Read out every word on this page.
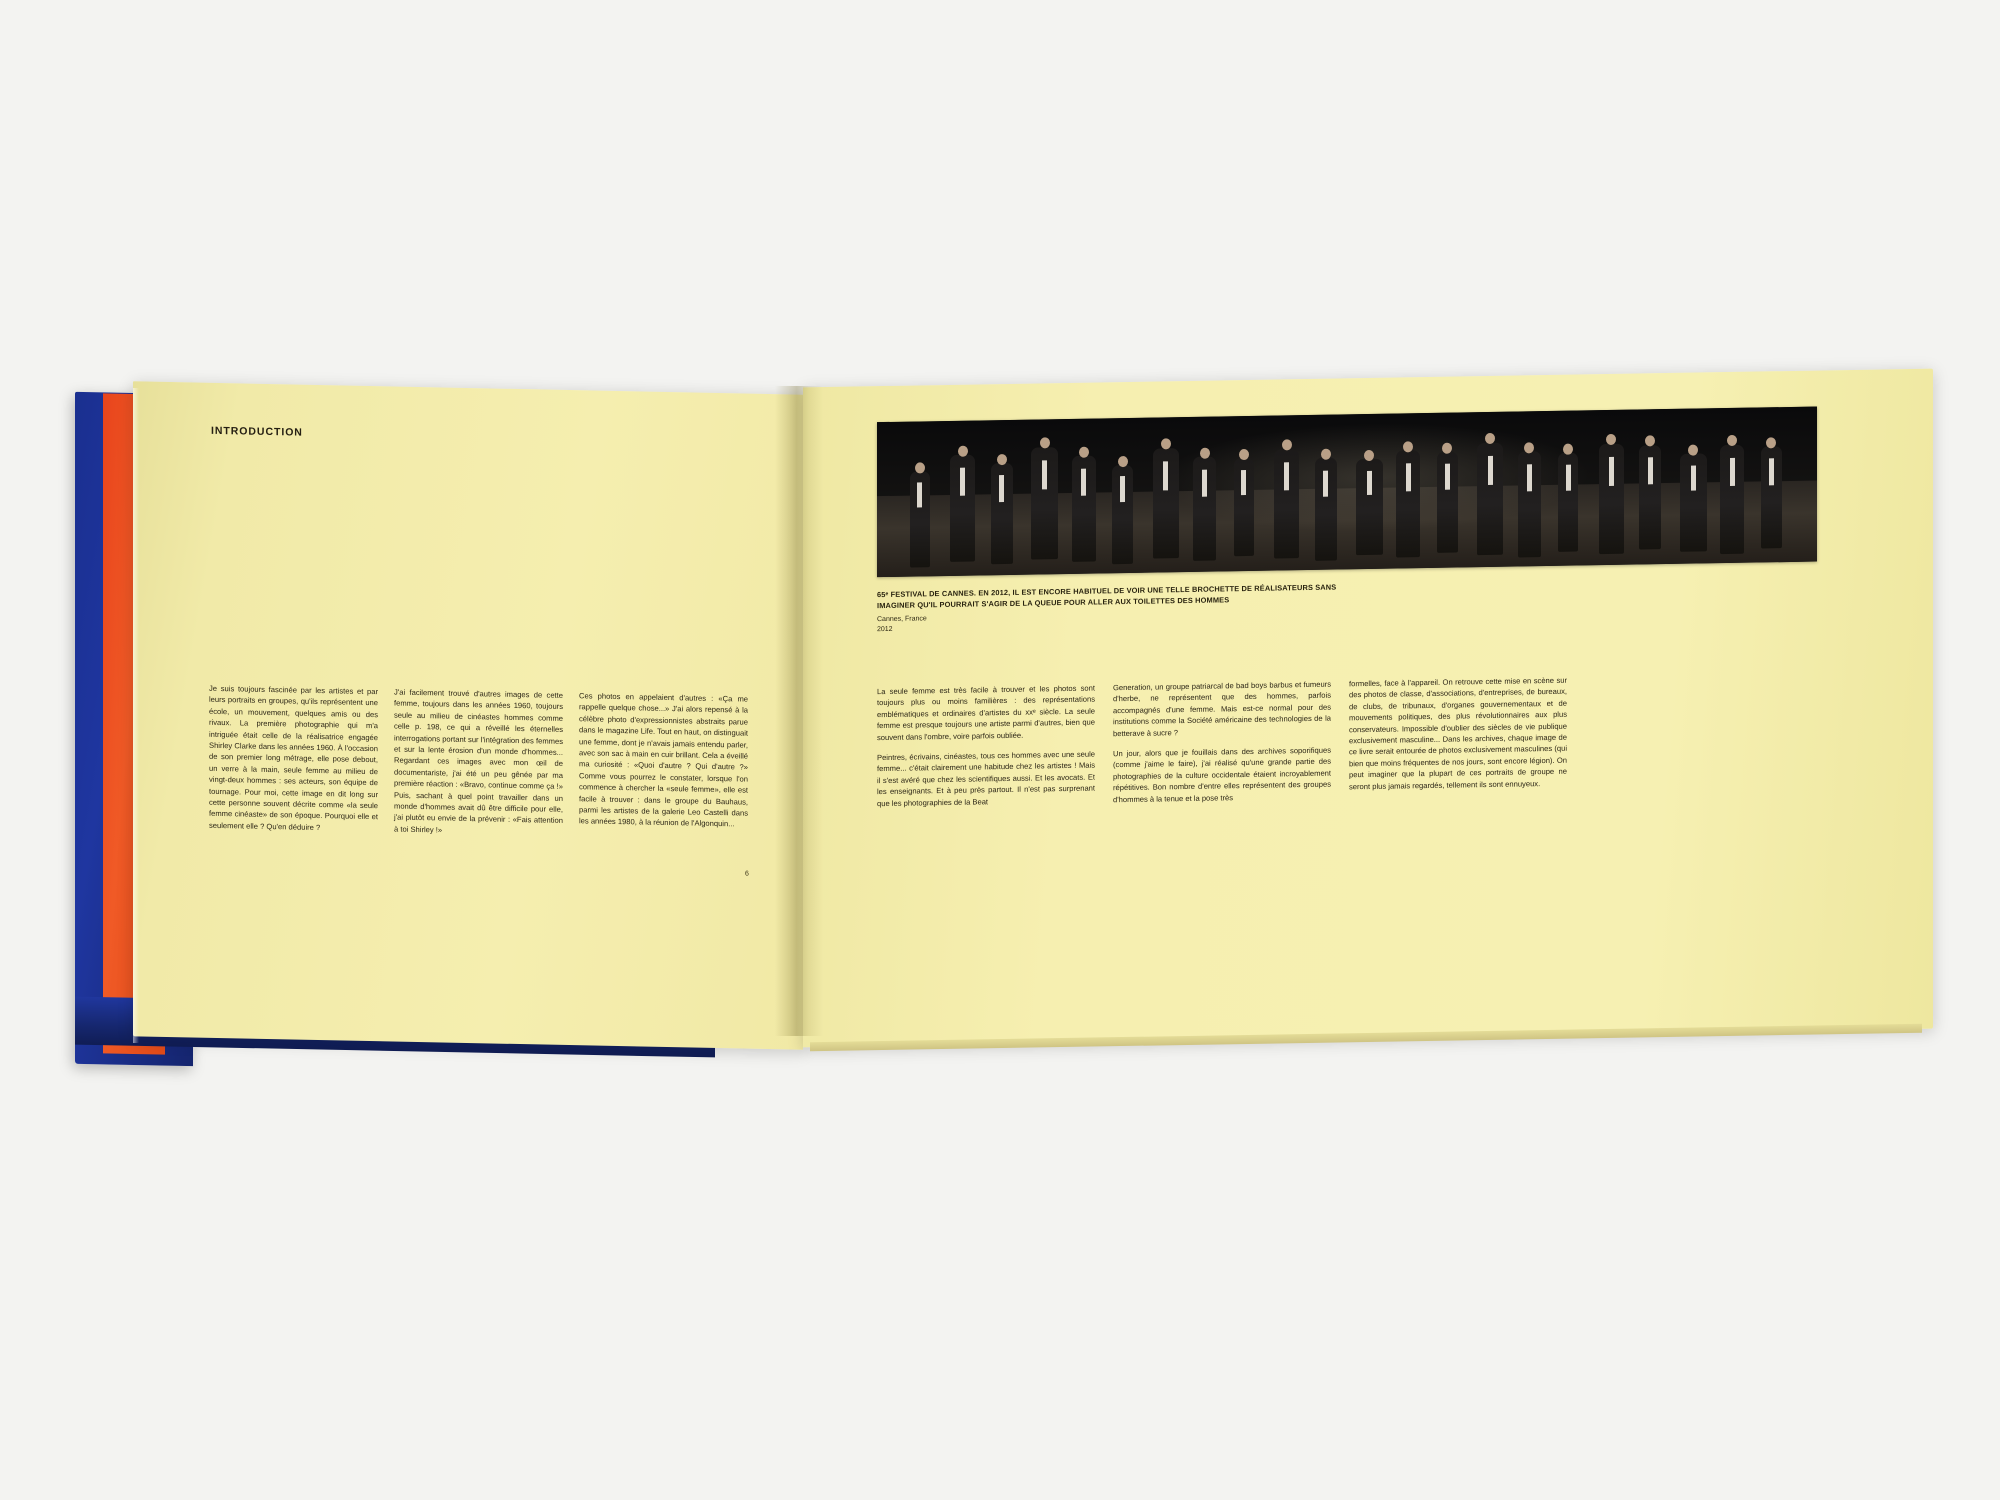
INTRODUCTION

Je suis toujours fascinée par les artistes et par leurs portraits en groupes, qu'ils représentent une école, un mouvement, quelques amis ou des rivaux. La première photographie qui m'a intriguée était celle de la réalisatrice engagée Shirley Clarke dans les années 1960. À l'occasion de son premier long métrage, elle pose debout, un verre à la main, seule femme au milieu de vingt-deux hommes : ses acteurs, son équipe de tournage. Pour moi, cette image en dit long sur cette personne souvent décrite comme «la seule femme cinéaste» de son époque. Pourquoi elle et seulement elle ? Qu'en déduire ?

J'ai facilement trouvé d'autres images de cette femme, toujours dans les années 1960, toujours seule au milieu de cinéastes hommes comme celle p. 198, ce qui a réveillé les éternelles interrogations portant sur l'intégration des femmes et sur la lente érosion d'un monde d'hommes... Regardant ces images avec mon œil de documentariste, j'ai été un peu gênée par ma première réaction : «Bravo, continue comme ça !» Puis, sachant à quel point travailler dans un monde d'hommes avait dû être difficile pour elle, j'ai plutôt eu envie de la prévenir : «Fais attention à toi Shirley !»

Ces photos en appelaient d'autres : «Ça me rappelle quelque chose...» J'ai alors repensé à la célèbre photo d'expressionnistes abstraits parue dans le magazine Life. Tout en haut, on distinguait une femme, dont je n'avais jamais entendu parler, avec son sac à main en cuir brillant. Cela a éveillé ma curiosité : «Quoi d'autre ? Qui d'autre ?» Comme vous pourrez le constater, lorsque l'on commence à chercher la «seule femme», elle est facile à trouver : dans le groupe du Bauhaus, parmi les artistes de la galerie Leo Castelli dans les années 1980, à la réunion de l'Algonquin...

6
65ᵉ FESTIVAL DE CANNES. EN 2012, IL EST ENCORE HABITUEL DE VOIR UNE TELLE BROCHETTE DE RÉALISATEURS SANS IMAGINER QU'IL POURRAIT S'AGIR DE LA QUEUE POUR ALLER AUX TOILETTES DES HOMMES
Cannes, France
2012

La seule femme est très facile à trouver et les photos sont toujours plus ou moins familières : des représentations emblématiques et ordinaires d'artistes du xxᵉ siècle. La seule femme est presque toujours une artiste parmi d'autres, bien que souvent dans l'ombre, voire parfois oubliée.

Peintres, écrivains, cinéastes, tous ces hommes avec une seule femme... c'était clairement une habitude chez les artistes ! Mais il s'est avéré que chez les scientifiques aussi. Et les avocats. Et les enseignants. Et à peu près partout. Il n'est pas surprenant que les photographies de la Beat

Generation, un groupe patriarcal de bad boys barbus et fumeurs d'herbe, ne représentent que des hommes, parfois accompagnés d'une femme. Mais est-ce normal pour des institutions comme la Société américaine des technologies de la betterave à sucre ?

Un jour, alors que je fouillais dans des archives soporifiques (comme j'aime le faire), j'ai réalisé qu'une grande partie des photographies de la culture occidentale étaient incroyablement répétitives. Bon nombre d'entre elles représentent des groupes d'hommes à la tenue et la pose très

formelles, face à l'appareil. On retrouve cette mise en scène sur des photos de classe, d'associations, d'entreprises, de bureaux, de clubs, de tribunaux, d'organes gouvernementaux et de mouvements politiques, des plus révolutionnaires aux plus conservateurs. Impossible d'oublier des siècles de vie publique exclusivement masculine... Dans les archives, chaque image de ce livre serait entourée de photos exclusivement masculines (qui bien que moins fréquentes de nos jours, sont encore légion). On peut imaginer que la plupart de ces portraits de groupe ne seront plus jamais regardés, tellement ils sont ennuyeux.
